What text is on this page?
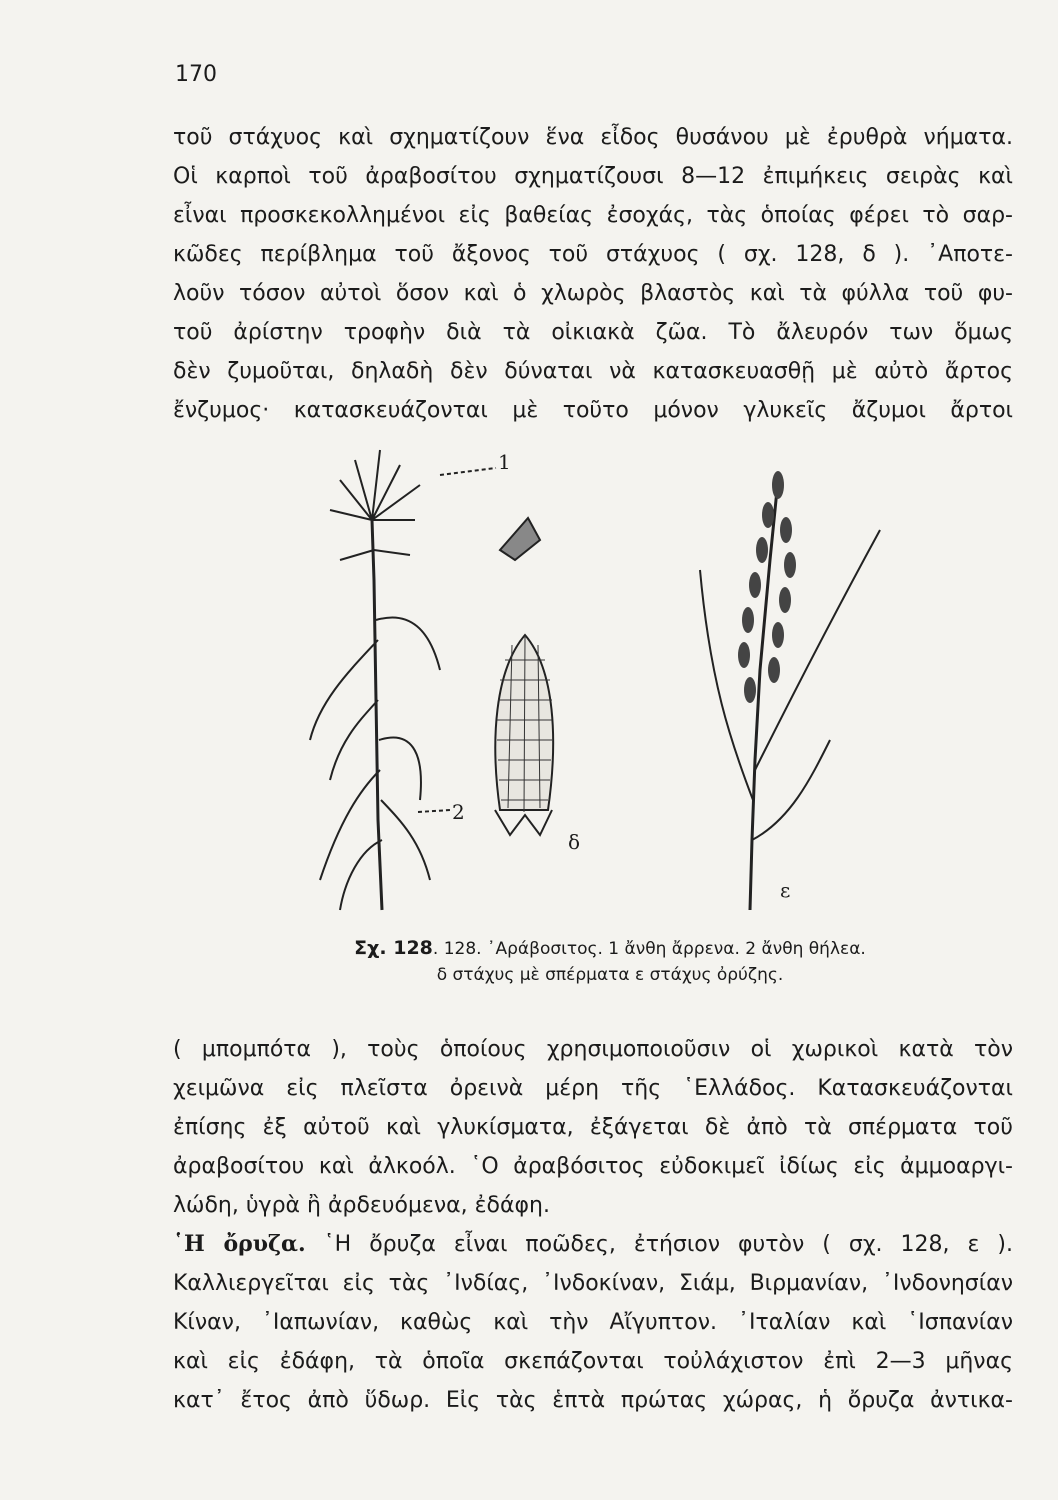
170
τοῦ στάχυος καὶ σχηματίζουν ἕνα εἶδος θυσάνου μὲ ἐρυθρὰ νήματα.
Οἱ καρποὶ τοῦ ἀραβοσίτου σχηματίζουσι 8—12 ἐπιμήκεις σειρὰς καὶ
εἶναι προσκεκολλημένοι εἰς βαθείας ἐσοχάς, τὰς ὁποίας φέρει τὸ σαρ-
κῶδες περίβλημα τοῦ ἄξονος τοῦ στάχυος ( σχ. 128, δ ). ᾿Αποτε-
λοῦν τόσον αὐτοὶ ὅσον καὶ ὁ χλωρὸς βλαστὸς καὶ τὰ φύλλα τοῦ φυ-
τοῦ ἀρίστην τροφὴν διὰ τὰ οἰκιακὰ ζῶα. Τὸ ἄλευρόν των ὅμως
δὲν ζυμοῦται, δηλαδὴ δὲν δύναται νὰ κατασκευασθῇ μὲ αὐτὸ ἄρτος
ἔνζυμος· κατασκευάζονται μὲ τοῦτο μόνον γλυκεῖς ἄζυμοι ἄρτοι
1
2
δ
ε
Σχ. 128. 128. ᾿Αράβοσιτος. 1 ἄνθη ἄρρενα. 2 ἄνθη θήλεα.
δ στάχυς μὲ σπέρματα ε στάχυς ὀρύζης.
( μπομπότα ), τοὺς ὁποίους χρησιμοποιοῦσιν οἱ χωρικοὶ κατὰ τὸν
χειμῶνα εἰς πλεῖστα ὀρεινὰ μέρη τῆς ῾Ελλάδος. Κατασκευάζονται
ἐπίσης ἐξ αὐτοῦ καὶ γλυκίσματα, ἐξάγεται δὲ ἀπὸ τὰ σπέρματα τοῦ
ἀραβοσίτου καὶ ἀλκοόλ. ῾Ο ἀραβόσιτος εὐδοκιμεῖ ἰδίως εἰς ἀμμοαργι-
λώδη, ὑγρὰ ἢ ἀρδευόμενα, ἐδάφη.
῾Η ὄρυζα. ῾Η ὄρυζα εἶναι ποῶδες, ἐτήσιον φυτὸν ( σχ. 128, ε ).
Καλλιεργεῖται εἰς τὰς ᾿Ινδίας, ᾿Ινδοκίναν, Σιάμ, Βιρμανίαν, ᾿Ινδονησίαν
Κίναν, ᾿Ιαπωνίαν, καθὼς καὶ τὴν Αἴγυπτον. ᾿Ιταλίαν καὶ ῾Ισπανίαν
καὶ εἰς ἐδάφη, τὰ ὁποῖα σκεπάζονται τοὐλάχιστον ἐπὶ 2—3 μῆνας
κατ᾿ ἔτος ἀπὸ ὕδωρ. Εἰς τὰς ἑπτὰ πρώτας χώρας, ἡ ὄρυζα ἀντικα-
